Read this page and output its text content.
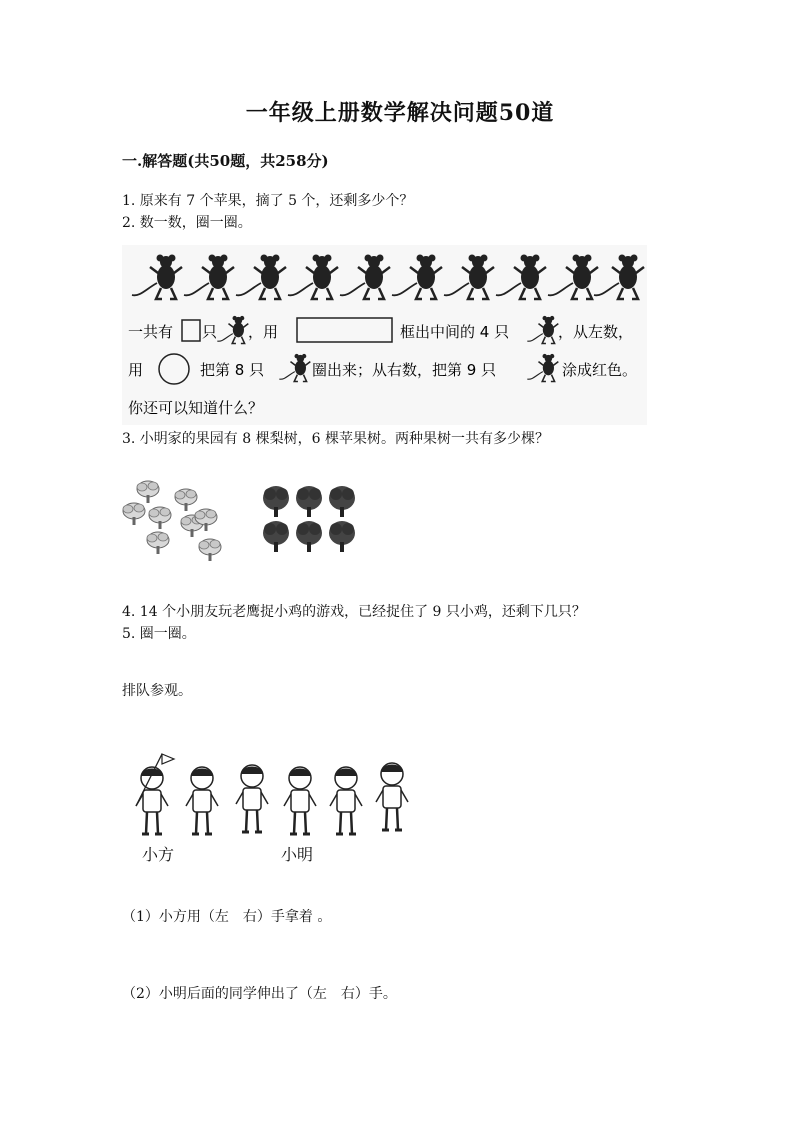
一年级上册数学解决问题50道
一.解答题(共50题，共258分)
1. 原来有 7 个苹果，摘了 5 个，还剩多少个？
2. 数一数，圈一圈。
一共有 只 ，用	框出中间的 4 只	，从左数，
用	把第 8 只	圈出来；从右数，把第 9 只	涂成红色。
你还可以知道什么？
3. 小明家的果园有 8 棵梨树，6 棵苹果树。两种果树一共有多少棵？
4. 14 个小朋友玩老鹰捉小鸡的游戏，已经捉住了 9 只小鸡，还剩下几只？
5. 圈一圈。
排队参观。
小方	小明
（1）小方用（左　右）手拿着 。
（2）小明后面的同学伸出了（左　右）手。
